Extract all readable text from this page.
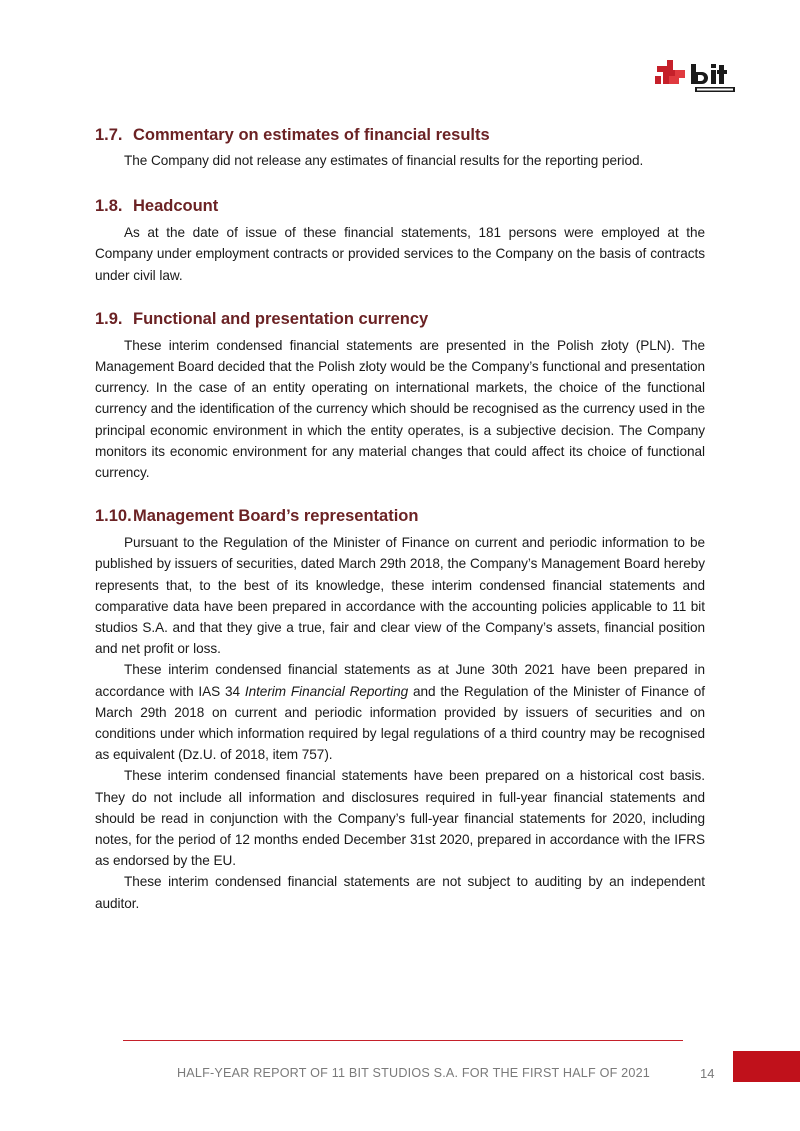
1.7. Commentary on estimates of financial results

The Company did not release any estimates of financial results for the reporting period.

1.8. Headcount

As at the date of issue of these financial statements, 181 persons were employed at the Company under employment contracts or provided services to the Company on the basis of contracts under civil law.

1.9. Functional and presentation currency

These interim condensed financial statements are presented in the Polish złoty (PLN). The Management Board decided that the Polish złoty would be the Company’s functional and presentation currency. In the case of an entity operating on international markets, the choice of the functional currency and the identification of the currency which should be recognised as the currency used in the principal economic environment in which the entity operates, is a subjective decision. The Company monitors its economic environment for any material changes that could affect its choice of functional currency.

1.10.Management Board’s representation

Pursuant to the Regulation of the Minister of Finance on current and periodic information to be published by issuers of securities, dated March 29th 2018, the Company’s Management Board hereby represents that, to the best of its knowledge, these interim condensed financial statements and comparative data have been prepared in accordance with the accounting policies applicable to 11 bit studios S.A. and that they give a true, fair and clear view of the Company’s assets, financial position and net profit or loss.

These interim condensed financial statements as at June 30th 2021 have been prepared in accordance with IAS 34 Interim Financial Reporting and the Regulation of the Minister of Finance of March 29th 2018 on current and periodic information provided by issuers of securities and on conditions under which information required by legal regulations of a third country may be recognised as equivalent (Dz.U. of 2018, item 757).

These interim condensed financial statements have been prepared on a historical cost basis. They do not include all information and disclosures required in full-year financial statements and should be read in conjunction with the Company’s full-year financial statements for 2020, including notes, for the period of 12 months ended December 31st 2020, prepared in accordance with the IFRS as endorsed by the EU.

These interim condensed financial statements are not subject to auditing by an independent auditor.

HALF-YEAR REPORT OF 11 BIT STUDIOS S.A. FOR THE FIRST HALF OF 2021	14
